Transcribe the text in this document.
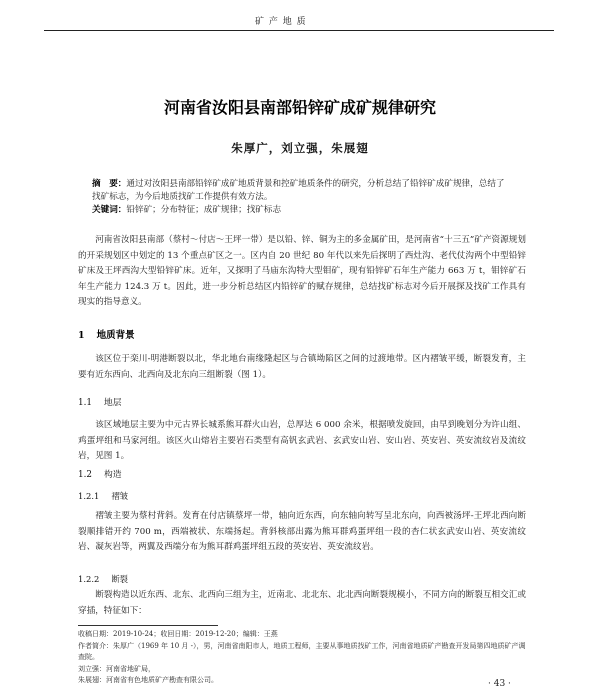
矿 产 地 质
河南省汝阳县南部铅锌矿成矿规律研究
朱厚广，刘立强，朱展翅

摘　要：通过对汝阳县南部铅锌矿成矿地质背景和控矿地质条件的研究，分析总结了铅锌矿成矿规律，总结了找矿标志，为今后地质找矿工作提供有效方法。

关键词：铅锌矿；分布特征；成矿规律；找矿标志

河南省汝阳县南部（蔡村～付店～王坪一带）是以铅、锌、铜为主的多金属矿田，是河南省“十三五”矿产资源规划的开采规划区中划定的 13 个重点矿区之一。区内自 20 世纪 80 年代以来先后探明了西灶沟、老代仗沟两个中型铅锌矿床及王坪西沟大型铅锌矿床。近年，又探明了马庙东沟特大型钼矿，现有铅锌矿石年生产能力 663 万 t，钼锌矿石年生产能力 124.3 万 t。因此，进一步分析总结区内铅锌矿的赋存规律，总结找矿标志对今后开展探及找矿工作具有现实的指导意义。

1 地质背景

该区位于栾川-明港断裂以北，华北地台南缘隆起区与合镇坳陷区之间的过渡地带。区内褶皱平缓，断裂发育，主要有近东西向、北西向及北东向三组断裂（图 1）。

1.1 地层

该区域地层主要为中元古界长城系熊耳群火山岩，总厚达 6 000 余米，根据喷发旋回，由早到晚划分为许山组、鸡蛋坪组和马家河组。该区火山熔岩主要岩石类型有高钒玄武岩、玄武安山岩、安山岩、英安岩、英安流纹岩及流纹岩，见图 1。

1.2 构造
1.2.1 褶皱

褶皱主要为蔡村背斜。发育在付店镇蔡坪一带，轴向近东西，向东轴向转写呈北东向，向西被汤坪-王坪北西向断裂顺排错开约 700 m，西端被状、东端扬起。背斜核部出露为熊耳群鸡蛋坪组一段的杏仁状玄武安山岩、英安流纹岩、凝灰岩等，两翼及西端分布为熊耳群鸡蛋坪组五段的英安岩、英安流纹岩。

1.2.2 断裂

断裂构造以近东西、北东、北西向三组为主，近南北、北北东、北北西向断裂规模小，不同方向的断裂互相交汇或穿插，特征如下：

收稿日期：2019-10-24；收回日期：2019-12-20；编辑：王燕

作者简介：朱厚广（1969 年 10 月 -），男，河南省南阳市人，地质工程师，主要从事地质找矿工作，河南省地质矿产勘查开发局第四地质矿产调查院。

刘立强：河南省地矿局，

朱展翅：河南省有色地质矿产勘查有限公司。	· 43 ·
